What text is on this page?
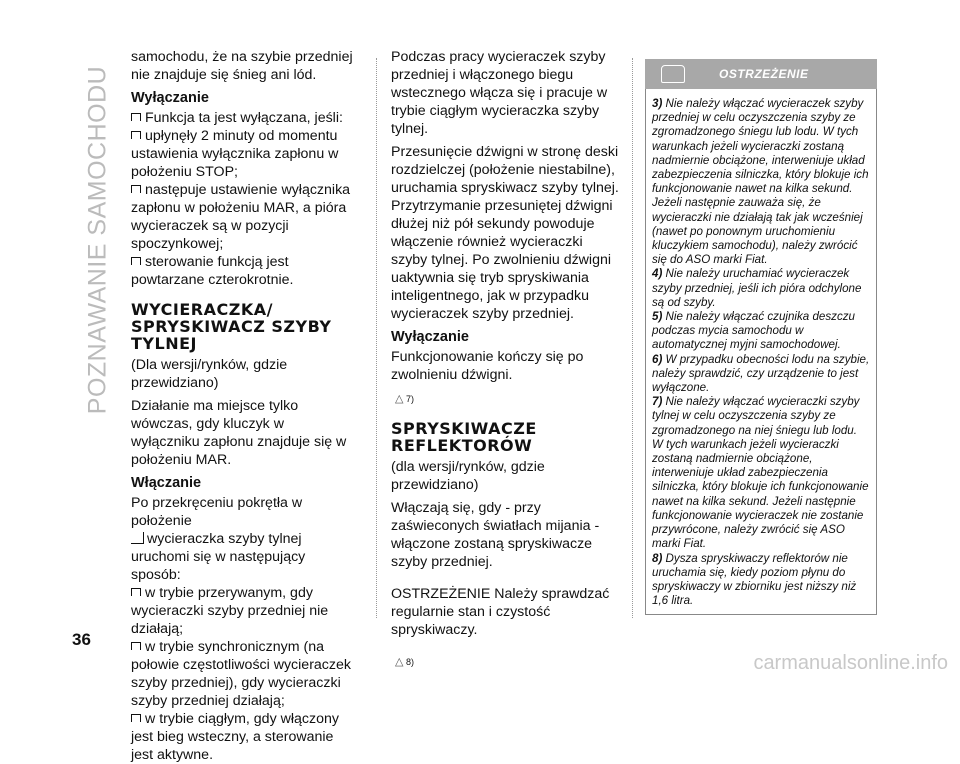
POZNAWANIE SAMOCHODU

samochodu, że na szybie przedniej nie znajduje się śnieg ani lód.

Wyłączanie

Funkcja ta jest wyłączana, jeśli:

upłynęły 2 minuty od momentu ustawienia wyłącznika zapłonu w położeniu STOP;
następuje ustawienie wyłącznika zapłonu w położeniu MAR, a pióra wycieraczek są w pozycji spoczynkowej;
sterowanie funkcją jest powtarzane czterokrotnie.
WYCIERACZKA/ SPRYSKIWACZ SZYBY TYLNEJ

(Dla wersji/rynków, gdzie przewidziano)

Działanie ma miejsce tylko wówczas, gdy kluczyk w wyłączniku zapłonu znajduje się w położeniu MAR.

Włączanie

Po przekręceniu pokrętła w położenie

wycieraczka szyby tylnej uruchomi się w następujący sposób:
w trybie przerywanym, gdy wycieraczki szyby przedniej nie działają;
w trybie synchronicznym (na połowie częstotliwości wycieraczek szyby przedniej), gdy wycieraczki szyby przedniej działają;
w trybie ciągłym, gdy włączony jest bieg wsteczny, a sterowanie jest aktywne.

Podczas pracy wycieraczek szyby przedniej i włączonego biegu wstecznego włącza się i pracuje w trybie ciągłym wycieraczka szyby tylnej.

Przesunięcie dźwigni w stronę deski rozdzielczej (położenie niestabilne), uruchamia spryskiwacz szyby tylnej. Przytrzymanie przesuniętej dźwigni dłużej niż pół sekundy powoduje włączenie również wycieraczki szyby tylnej. Po zwolnieniu dźwigni uaktywnia się tryb spryskiwania inteligentnego, jak w przypadku wycieraczek szyby przedniej.

Wyłączanie

Funkcjonowanie kończy się po zwolnieniu dźwigni.

△ 7)
SPRYSKIWACZE REFLEKTORÓW

(dla wersji/rynków, gdzie przewidziano)

Włączają się, gdy - przy zaświeconych światłach mijania - włączone zostaną spryskiwacze szyby przedniej.

OSTRZEŻENIE Należy sprawdzać regularnie stan i czystość spryskiwaczy.

△ 8)
OSTRZEŻENIE

3) Nie należy włączać wycieraczek szyby przedniej w celu oczyszczenia szyby ze zgromadzonego śniegu lub lodu. W tych warunkach jeżeli wycieraczki zostaną nadmiernie obciążone, interweniuje układ zabezpieczenia silniczka, który blokuje ich funkcjonowanie nawet na kilka sekund. Jeżeli następnie zauważa się, że wycieraczki nie działają tak jak wcześniej (nawet po ponownym uruchomieniu kluczykiem samochodu), należy zwrócić się do ASO marki Fiat.

4) Nie należy uruchamiać wycieraczek szyby przedniej, jeśli ich pióra odchylone są od szyby.

5) Nie należy włączać czujnika deszczu podczas mycia samochodu w automatycznej myjni samochodowej.

6) W przypadku obecności lodu na szybie, należy sprawdzić, czy urządzenie to jest wyłączone.

7) Nie należy włączać wycieraczki szyby tylnej w celu oczyszczenia szyby ze zgromadzonego na niej śniegu lub lodu. W tych warunkach jeżeli wycieraczki zostaną nadmiernie obciążone, interweniuje układ zabezpieczenia silniczka, który blokuje ich funkcjonowanie nawet na kilka sekund. Jeżeli następnie funkcjonowanie wycieraczek nie zostanie przywrócone, należy zwrócić się ASO marki Fiat.

8) Dysza spryskiwaczy reflektorów nie uruchamia się, kiedy poziom płynu do spryskiwaczy w zbiorniku jest niższy niż 1,6 litra.

36
carmanualsonline.info
